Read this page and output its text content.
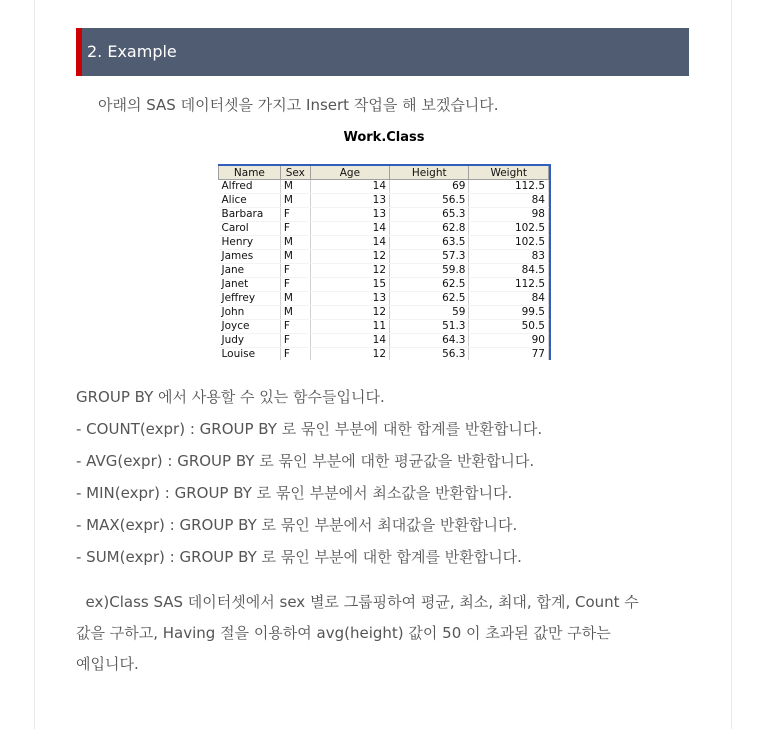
2. Example
아래의 SAS 데이터셋을 가지고 Insert 작업을 해 보겠습니다.
Work.Class
Name	Sex	Age	Height	Weight
Alfred	M	14	69	112.5
Alice	M	13	56.5	84
Barbara	F	13	65.3	98
Carol	F	14	62.8	102.5
Henry	M	14	63.5	102.5
James	M	12	57.3	83
Jane	F	12	59.8	84.5
Janet	F	15	62.5	112.5
Jeffrey	M	13	62.5	84
John	M	12	59	99.5
Joyce	F	11	51.3	50.5
Judy	F	14	64.3	90
Louise	F	12	56.3	77
GROUP BY 에서 사용할 수 있는 함수들입니다.
- COUNT(expr) : GROUP BY 로 묶인 부분에 대한 합계를 반환합니다.
- AVG(expr) : GROUP BY 로 묶인 부분에 대한 평균값을 반환합니다.
- MIN(expr) : GROUP BY 로 묶인 부분에서 최소값을 반환합니다.
- MAX(expr) : GROUP BY 로 묶인 부분에서 최대값을 반환합니다.
- SUM(expr) : GROUP BY 로 묶인 부분에 대한 합계를 반환합니다.
ex)Class SAS 데이터셋에서 sex 별로 그룹핑하여 평균, 최소, 최대, 합계, Count 수
값을 구하고, Having 절을 이용하여 avg(height) 값이 50 이 초과된 값만 구하는
예입니다.
